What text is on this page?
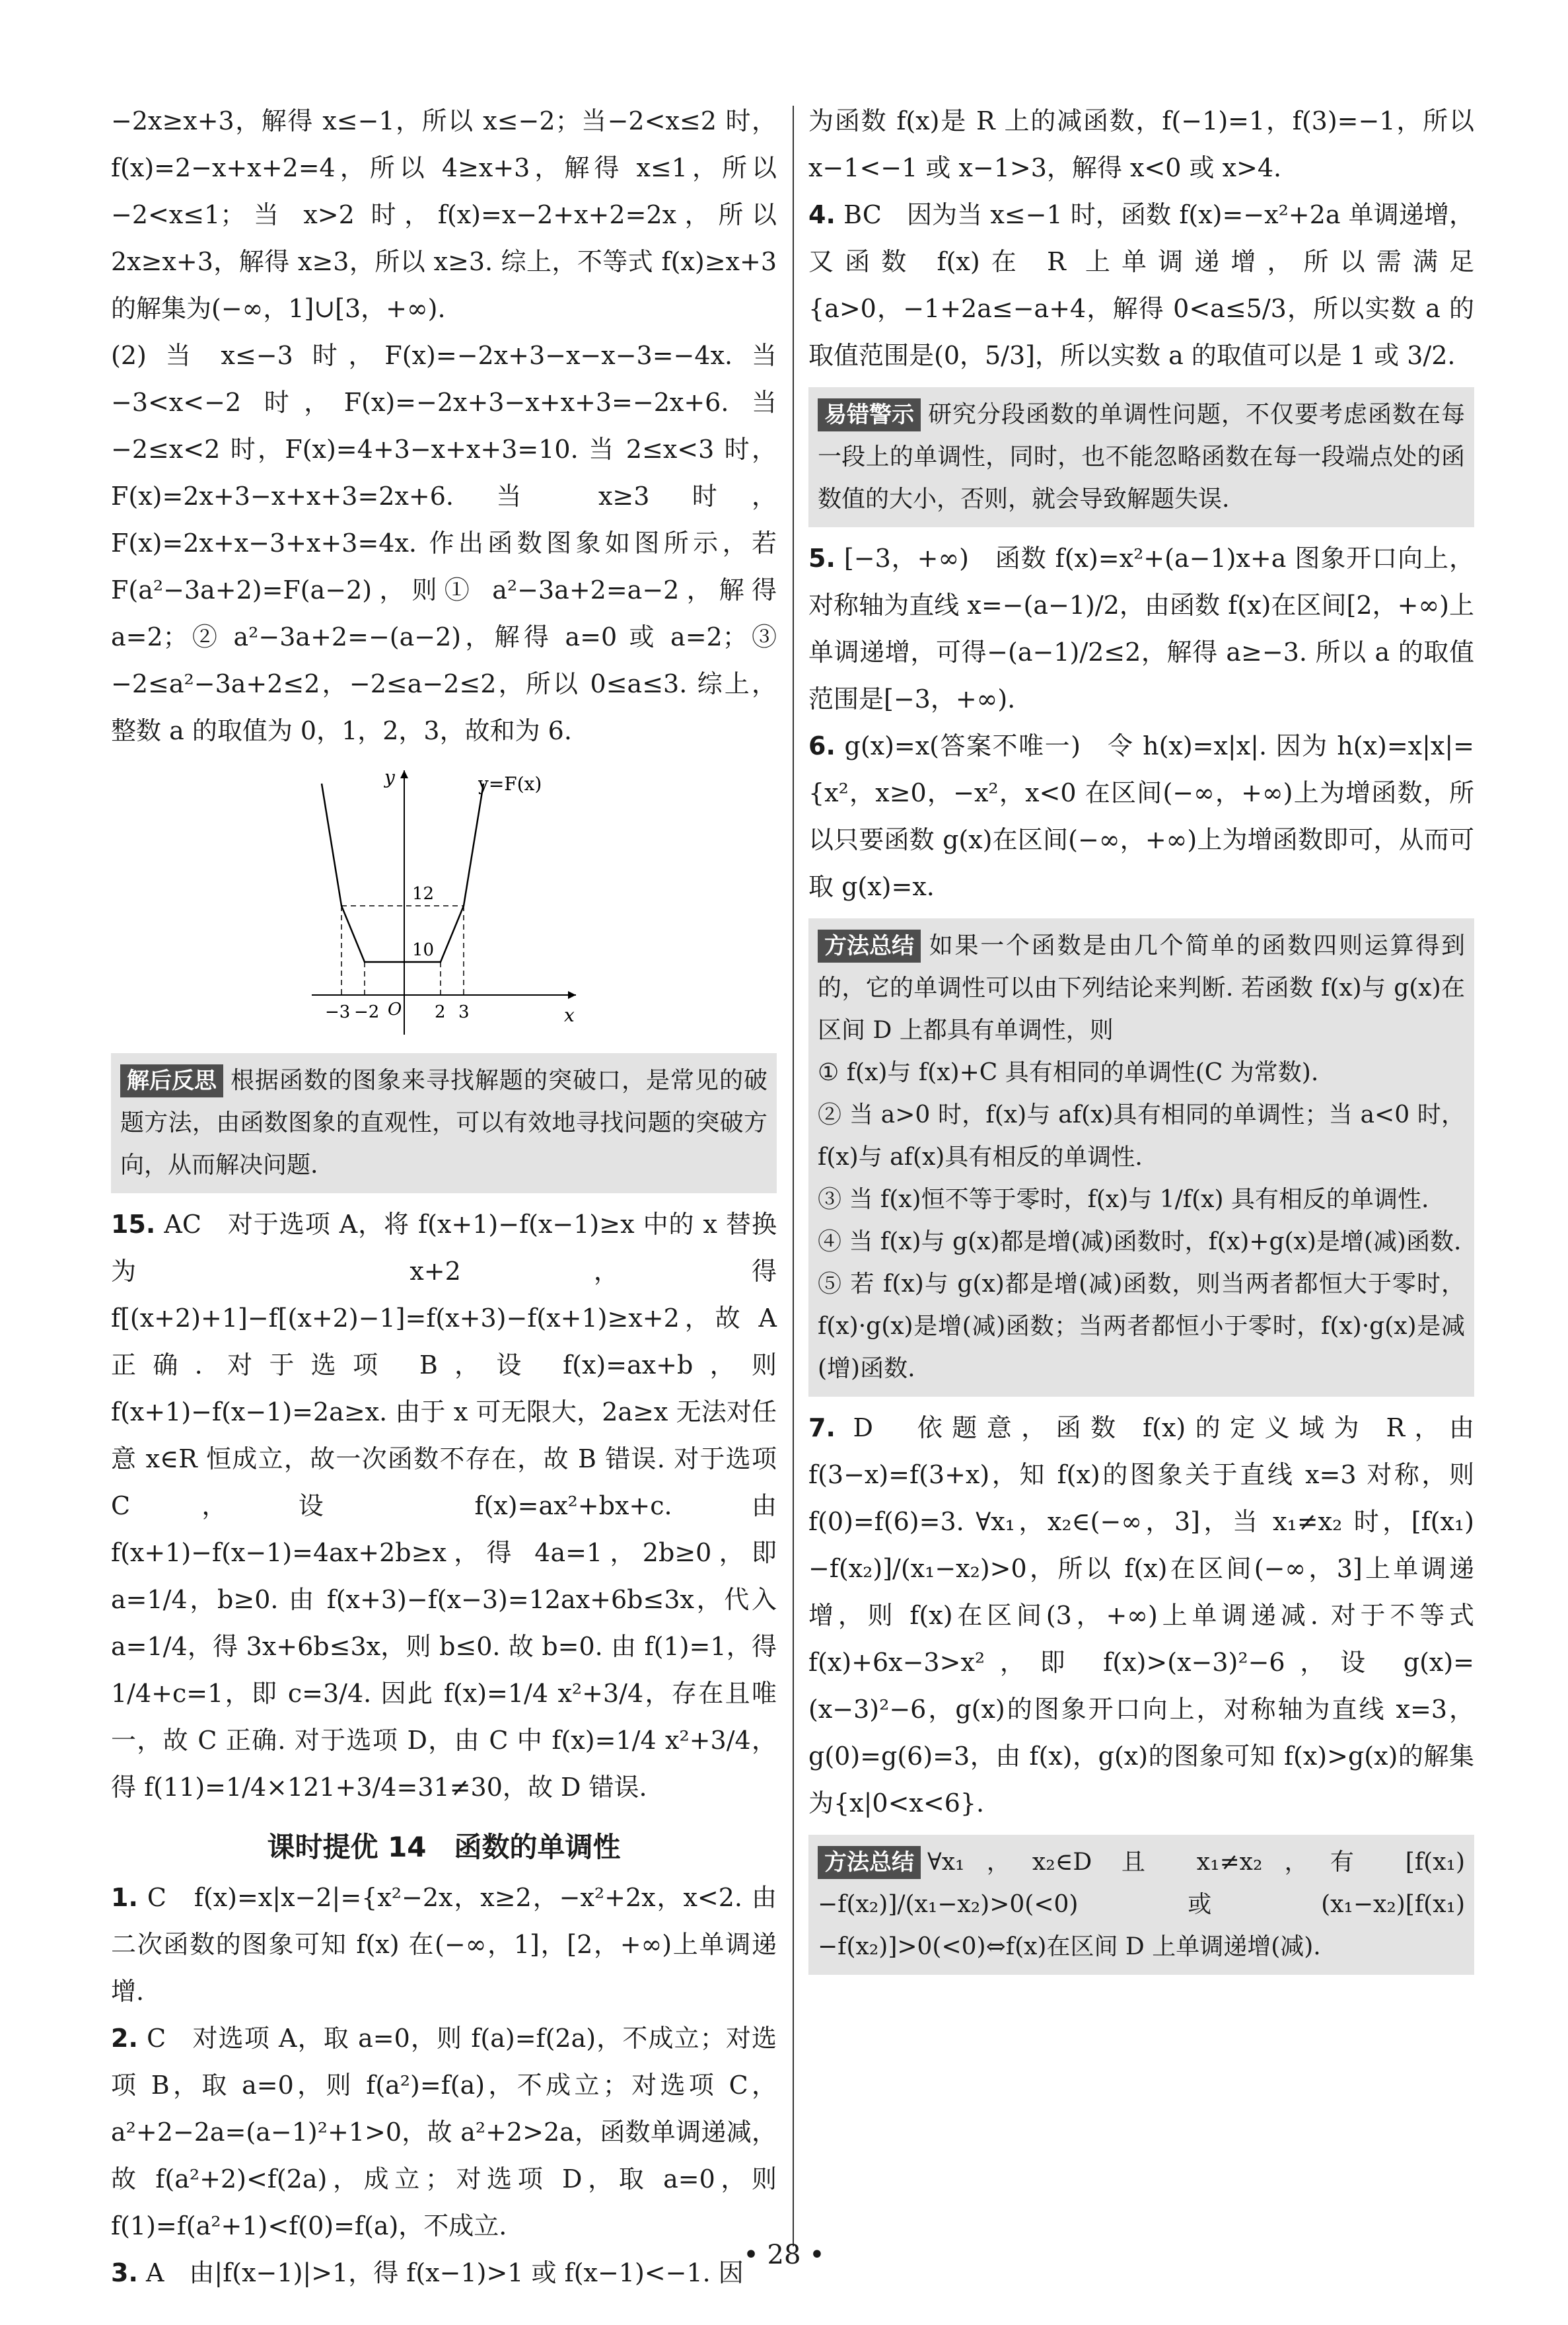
−2x≥x+3，解得 x≤−1，所以 x≤−2；当−2<x≤2 时，f(x)=2−x+x+2=4，所以 4≥x+3，解得 x≤1，所以−2<x≤1；当 x>2 时，f(x)=x−2+x+2=2x，所以 2x≥x+3，解得 x≥3，所以 x≥3. 综上，不等式 f(x)≥x+3 的解集为(−∞，1]∪[3，+∞).

(2) 当 x≤−3 时，F(x)=−2x+3−x−x−3=−4x. 当−3<x<−2 时，F(x)=−2x+3−x+x+3=−2x+6. 当−2≤x<2 时，F(x)=4+3−x+x+3=10. 当 2≤x<3 时，F(x)=2x+3−x+x+3=2x+6. 当 x≥3 时，F(x)=2x+x−3+x+3=4x. 作出函数图象如图所示，若 F(a²−3a+2)=F(a−2)，则① a²−3a+2=a−2，解得 a=2；② a²−3a+2=−(a−2)，解得 a=0 或 a=2；③ −2≤a²−3a+2≤2，−2≤a−2≤2，所以 0≤a≤3. 综上，整数 a 的取值为 0，1，2，3，故和为 6.

y
x
y=F(x)
O
12
10
−3 −2	2 3

解后反思 根据函数的图象来寻找解题的突破口，是常见的破题方法，由函数图象的直观性，可以有效地寻找问题的突破方向，从而解决问题.

15. AC　对于选项 A，将 f(x+1)−f(x−1)≥x 中的 x 替换为 x+2，得 f[(x+2)+1]−f[(x+2)−1]=f(x+3)−f(x+1)≥x+2，故 A 正确. 对于选项 B，设 f(x)=ax+b，则 f(x+1)−f(x−1)=2a≥x. 由于 x 可无限大，2a≥x 无法对任意 x∈R 恒成立，故一次函数不存在，故 B 错误. 对于选项 C，设 f(x)=ax²+bx+c. 由 f(x+1)−f(x−1)=4ax+2b≥x，得 4a=1，2b≥0，即 a=1/4，b≥0. 由 f(x+3)−f(x−3)=12ax+6b≤3x，代入 a=1/4，得 3x+6b≤3x，则 b≤0. 故 b=0. 由 f(1)=1，得 1/4+c=1，即 c=3/4. 因此 f(x)=1/4 x²+3/4，存在且唯一，故 C 正确. 对于选项 D，由 C 中 f(x)=1/4 x²+3/4，得 f(11)=1/4×121+3/4=31≠30，故 D 错误.

课时提优 14　函数的单调性

1. C　f(x)=x|x−2|={x²−2x，x≥2，−x²+2x，x<2. 由二次函数的图象可知 f(x) 在(−∞，1]，[2，+∞)上单调递增.

2. C　对选项 A，取 a=0，则 f(a)=f(2a)，不成立；对选项 B，取 a=0，则 f(a²)=f(a)，不成立；对选项 C，a²+2−2a=(a−1)²+1>0，故 a²+2>2a，函数单调递减，故 f(a²+2)<f(2a)，成立；对选项 D，取 a=0，则 f(1)=f(a²+1)<f(0)=f(a)，不成立.

3. A　由|f(x−1)|>1，得 f(x−1)>1 或 f(x−1)<−1. 因

为函数 f(x)是 R 上的减函数，f(−1)=1，f(3)=−1，所以 x−1<−1 或 x−1>3，解得 x<0 或 x>4.

4. BC　因为当 x≤−1 时，函数 f(x)=−x²+2a 单调递增，又函数 f(x)在 R 上单调递增，所以需满足 {a>0，−1+2a≤−a+4，解得 0<a≤5/3，所以实数 a 的取值范围是(0，5/3]，所以实数 a 的取值可以是 1 或 3/2.

易错警示 研究分段函数的单调性问题，不仅要考虑函数在每一段上的单调性，同时，也不能忽略函数在每一段端点处的函数值的大小，否则，就会导致解题失误.

5. [−3，+∞)　函数 f(x)=x²+(a−1)x+a 图象开口向上，对称轴为直线 x=−(a−1)/2，由函数 f(x)在区间[2，+∞)上单调递增，可得−(a−1)/2≤2，解得 a≥−3. 所以 a 的取值范围是[−3，+∞).

6. g(x)=x(答案不唯一)　令 h(x)=x|x|. 因为 h(x)=x|x|={x²，x≥0，−x²，x<0 在区间(−∞，+∞)上为增函数，所以只要函数 g(x)在区间(−∞，+∞)上为增函数即可，从而可取 g(x)=x.

方法总结 如果一个函数是由几个简单的函数四则运算得到的，它的单调性可以由下列结论来判断. 若函数 f(x)与 g(x)在区间 D 上都具有单调性，则

① f(x)与 f(x)+C 具有相同的单调性(C 为常数).

② 当 a>0 时，f(x)与 af(x)具有相同的单调性；当 a<0 时，f(x)与 af(x)具有相反的单调性.

③ 当 f(x)恒不等于零时，f(x)与 1/f(x) 具有相反的单调性.

④ 当 f(x)与 g(x)都是增(减)函数时，f(x)+g(x)是增(减)函数.

⑤ 若 f(x)与 g(x)都是增(减)函数，则当两者都恒大于零时，f(x)·g(x)是增(减)函数；当两者都恒小于零时，f(x)·g(x)是减(增)函数.

7. D　依题意，函数 f(x)的定义域为 R，由 f(3−x)=f(3+x)，知 f(x)的图象关于直线 x=3 对称，则 f(0)=f(6)=3. ∀x₁，x₂∈(−∞，3]，当 x₁≠x₂ 时，[f(x₁)−f(x₂)]/(x₁−x₂)>0，所以 f(x)在区间(−∞，3]上单调递增，则 f(x)在区间(3，+∞)上单调递减. 对于不等式 f(x)+6x−3>x²，即 f(x)>(x−3)²−6，设 g(x)=(x−3)²−6，g(x)的图象开口向上，对称轴为直线 x=3，g(0)=g(6)=3，由 f(x)，g(x)的图象可知 f(x)>g(x)的解集为{x|0<x<6}.

方法总结 ∀x₁，x₂∈D 且 x₁≠x₂，有 [f(x₁)−f(x₂)]/(x₁−x₂)>0(<0)或(x₁−x₂)[f(x₁)−f(x₂)]>0(<0)⇔f(x)在区间 D 上单调递增(减).

• 28 •
